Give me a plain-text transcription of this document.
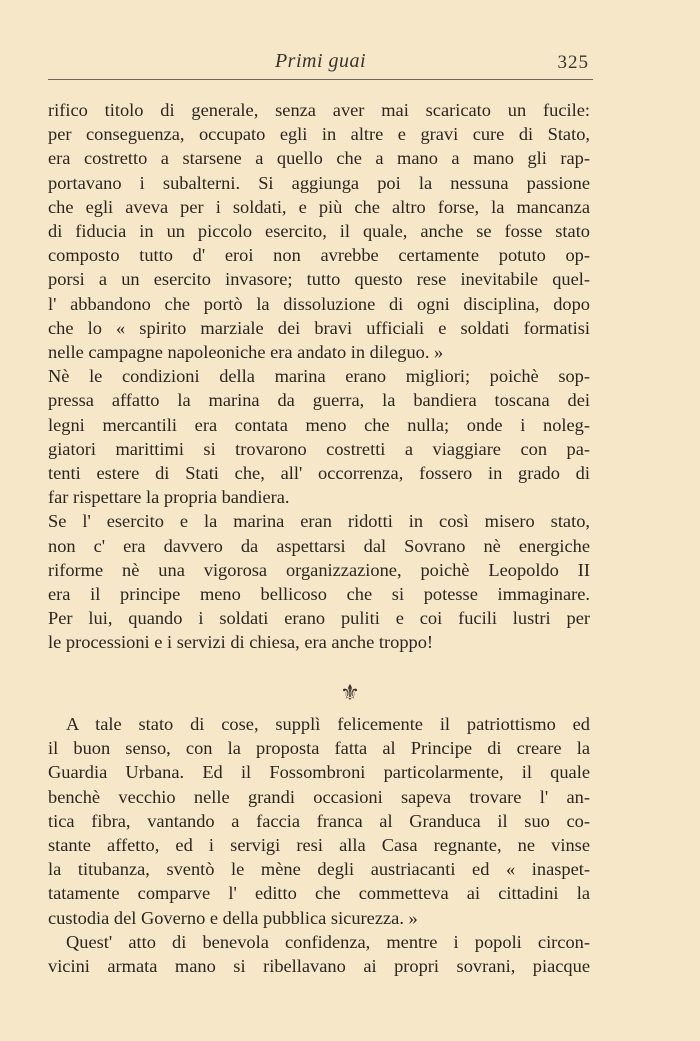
Primi guai	325
rifico titolo di generale, senza aver mai scaricato un fucile:
per conseguenza, occupato egli in altre e gravi cure di Stato,
era costretto a starsene a quello che a mano a mano gli rap-
portavano i subalterni. Si aggiunga poi la nessuna passione
che egli aveva per i soldati, e più che altro forse, la mancanza
di fiducia in un piccolo esercito, il quale, anche se fosse stato
composto tutto d' eroi non avrebbe certamente potuto op-
porsi a un esercito invasore; tutto questo rese inevitabile quel-
l' abbandono che portò la dissoluzione di ogni disciplina, dopo
che lo « spirito marziale dei bravi ufficiali e soldati formatisi
nelle campagne napoleoniche era andato in dileguo. »
Nè le condizioni della marina erano migliori; poichè sop-
pressa affatto la marina da guerra, la bandiera toscana dei
legni mercantili era contata meno che nulla; onde i noleg-
giatori marittimi si trovarono costretti a viaggiare con pa-
tenti estere di Stati che, all' occorrenza, fossero in grado di
far rispettare la propria bandiera.
Se l' esercito e la marina eran ridotti in così misero stato,
non c' era davvero da aspettarsi dal Sovrano nè energiche
riforme nè una vigorosa organizzazione, poichè Leopoldo II
era il principe meno bellicoso che si potesse immaginare.
Per lui, quando i soldati erano puliti e coi fucili lustri per
le processioni e i servizi di chiesa, era anche troppo!
⚜
A tale stato di cose, supplì felicemente il patriottismo ed
il buon senso, con la proposta fatta al Principe di creare la
Guardia Urbana. Ed il Fossombroni particolarmente, il quale
benchè vecchio nelle grandi occasioni sapeva trovare l' an-
tica fibra, vantando a faccia franca al Granduca il suo co-
stante affetto, ed i servigi resi alla Casa regnante, ne vinse
la titubanza, sventò le mène degli austriacanti ed « inaspet-
tatamente comparve l' editto che commetteva ai cittadini la
custodia del Governo e della pubblica sicurezza. »
Quest' atto di benevola confidenza, mentre i popoli circon-
vicini armata mano si ribellavano ai propri sovrani, piacque
